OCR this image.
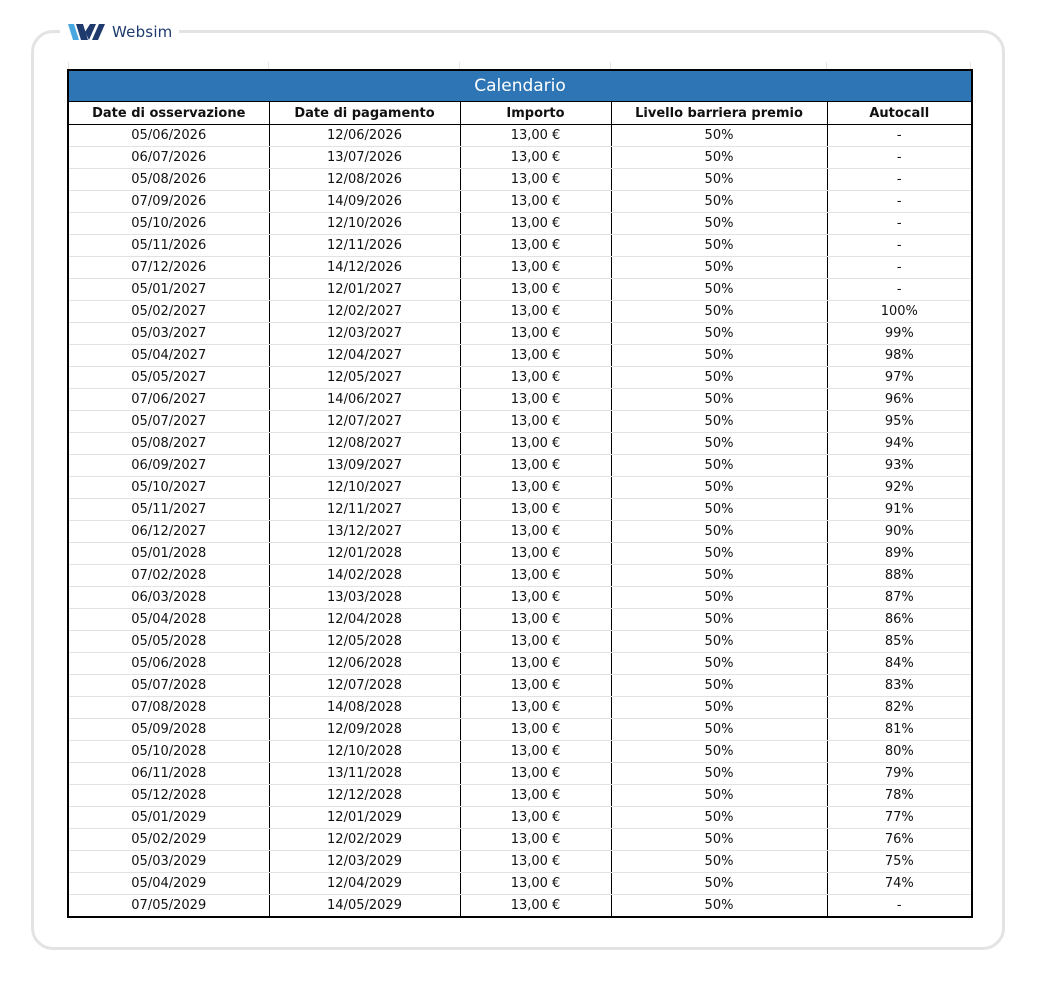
Websim
Calendario				
Date di osservazione	Date di pagamento	Importo	Livello barriera premio	Autocall
05/06/2026	12/06/2026	13,00 €	50%	-
06/07/2026	13/07/2026	13,00 €	50%	-
05/08/2026	12/08/2026	13,00 €	50%	-
07/09/2026	14/09/2026	13,00 €	50%	-
05/10/2026	12/10/2026	13,00 €	50%	-
05/11/2026	12/11/2026	13,00 €	50%	-
07/12/2026	14/12/2026	13,00 €	50%	-
05/01/2027	12/01/2027	13,00 €	50%	-
05/02/2027	12/02/2027	13,00 €	50%	100%
05/03/2027	12/03/2027	13,00 €	50%	99%
05/04/2027	12/04/2027	13,00 €	50%	98%
05/05/2027	12/05/2027	13,00 €	50%	97%
07/06/2027	14/06/2027	13,00 €	50%	96%
05/07/2027	12/07/2027	13,00 €	50%	95%
05/08/2027	12/08/2027	13,00 €	50%	94%
06/09/2027	13/09/2027	13,00 €	50%	93%
05/10/2027	12/10/2027	13,00 €	50%	92%
05/11/2027	12/11/2027	13,00 €	50%	91%
06/12/2027	13/12/2027	13,00 €	50%	90%
05/01/2028	12/01/2028	13,00 €	50%	89%
07/02/2028	14/02/2028	13,00 €	50%	88%
06/03/2028	13/03/2028	13,00 €	50%	87%
05/04/2028	12/04/2028	13,00 €	50%	86%
05/05/2028	12/05/2028	13,00 €	50%	85%
05/06/2028	12/06/2028	13,00 €	50%	84%
05/07/2028	12/07/2028	13,00 €	50%	83%
07/08/2028	14/08/2028	13,00 €	50%	82%
05/09/2028	12/09/2028	13,00 €	50%	81%
05/10/2028	12/10/2028	13,00 €	50%	80%
06/11/2028	13/11/2028	13,00 €	50%	79%
05/12/2028	12/12/2028	13,00 €	50%	78%
05/01/2029	12/01/2029	13,00 €	50%	77%
05/02/2029	12/02/2029	13,00 €	50%	76%
05/03/2029	12/03/2029	13,00 €	50%	75%
05/04/2029	12/04/2029	13,00 €	50%	74%
07/05/2029	14/05/2029	13,00 €	50%	-
